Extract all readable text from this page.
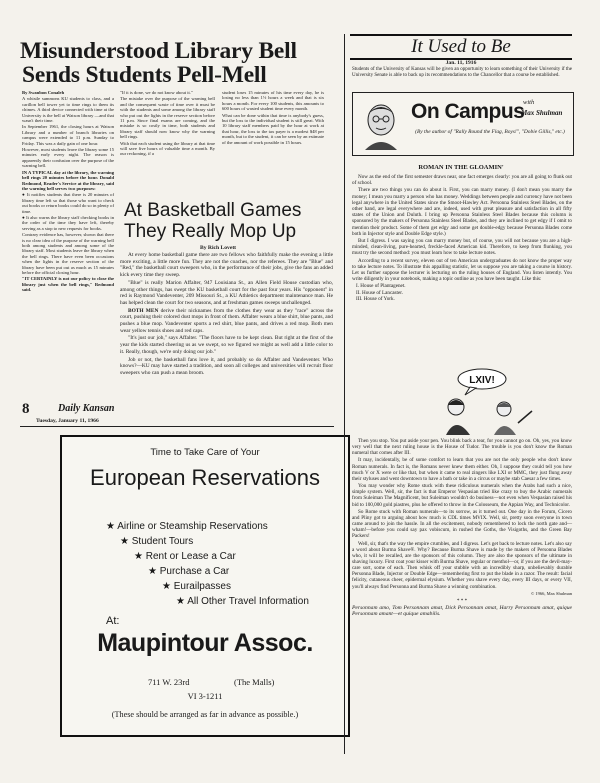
Misunderstood Library Bell
Sends Students Pell-Mell

By Swanbon Conaleh

A whistle summons KU students to class, and a carillon bell tower yet to time rings to them its chimes. A third device connected with time at the University is the bell at Watson library —and that wasn't their time.

In September 1961, the closing hours at Watson Library and a number of branch libraries on campus were extended to 11 p.m. Sunday to Friday. This was a daily gain of one hour.

However, most students leave the library some 15 minutes early every night. The reason is apparently their confusion over the purpose of the warning bell.

IN A TYPICAL day at the library, the warning bell rings 20 minutes before the hour. Donald Redmond, Reader's Service at the library, said the warning bell serves two purposes:

● It notifies students that there is 20 minutes of library time left so that those who want to check out books or return books could do so in plenty of time.

● It also warns the library staff checking books in the order of the time they have left, thereby serving as a stop to new requests for books.

Contrary evidence has, however, shown that there is no clear idea of the purpose of the warning bell both among students and among some of the library staff. Most students leave the library when the bell rings. There have even been occasions when the lights in the reserve section of the library have been put out as much as 15 minutes before the official closing hour.

"IT CERTAINLY is not our policy to close the library just when the bell rings," Redmond said.

"If it is done, we do not know about it."

The mistake over the purpose of the warning bell and the consequent waste of time over it must be with the students and some among the library staff who put out the lights in the reserve section before 11 p.m. Since final exams are coming, and the mistake is so costly in time, both students and library staff should now know why the warning bell rings.

With that each student using the library at that time will save five hours of valuable time a month. By our reckoning, if a

student loses 15 minutes of his time every day, he is losing no less than 1½ hours a week and that is six hours a month. For every 100 students, this amounts to 600 hours of wasted student time every month.

What can be done within that time is anybody's guess, but the loss to the individual student is still great. With 10 library staff members paid by the hour at work at that hour, the loss to the tax payer is a modest $48 per month, but to the student, it can be seen by an estimate of the amount of work possible in 15 hours.

At Basketball Games
They Really Mop Up
By Rich Lovett

At every home basketball game there are two fellows who faithfully make the evening a little more exciting, a little more fun. They are not the coaches, nor the referees. They are "Blue" and "Red," the basketball court sweepers who, in the performance of their jobs, give the fans an added kick every time they sweep.

"Blue" is really Marion Affalter, 947 Louisiana St., an Allen Field House custodian who, among other things, has swept the KU basketball court for the past four years. His "opponent" in red is Raymond Vandeventer, 209 Missouri St., a KU Athletics department maintenance man. He has helped clean the court for two seasons, and at freshman games sweeps unchallenged.

BOTH MEN derive their nicknames from the clothes they wear as they "race" across the court, pushing their colored dust mops in front of them. Affalter wears a blue shirt, blue pants, and pushes a blue mop. Vandeventer sports a red shirt, blue pants, and drives a red mop. Both men wear yellow tennis shoes and red caps.

"It's just our job," says Affalter. "The floors have to be kept clean. But right at the first of the year the kids started cheering us as we swept, so we figured we might as well add a little color to it. Really, though, we're only doing our job."

Job or not, the basketball fans love it, and probably so do Affalter and Vandeventer. Who knows?—KU may have started a tradition, and soon all colleges and universities will recruit floor sweepers who can push a mean broom.

8	Daily Kansan
Tuesday, January 11, 1966
Time to Take Care of Your
European Reservations
★ Airline or Steamship Reservations
★ Student Tours
★ Rent or Lease a Car
★ Purchase a Car
★ Eurailpasses
★ All Other Travel Information
At:
Maupintour Assoc.
711 W. 23rd	(The Malls)
VI 3-1211
(These should be arranged as far in advance as possible.)
It Used to Be
Jan. 11, 1916
Students of the University of Kansas will be given an opportunity to learn something of their University if the University Senate is able to back up its recommendations to the Chancellor that a course be established.
On Campus
with
Max Shulman
(By the author of "Rally Round the Flag, Boys!", "Dobie Gillis," etc.)
ROMAN IN THE GLOAMIN'

Now as the end of the first semester draws near, one fact emerges clearly: you are all going to flunk out of school.

There are two things you can do about it. First, you can marry money. (I don't mean you marry the money; I mean you marry a person who has money. Weddings between people and currency have not been legal anywhere in the United States since the Smoot-Hawley Act. Personna Stainless Steel Blades, on the other hand, are legal everywhere and are, indeed, used with great pleasure and satisfaction in all fifty states of the Union and Duluth. I bring up Personna Stainless Steel Blades because this column is sponsored by the makers of Personna Stainless Steel Blades, and they are inclined to get edgy if I omit to mention their product. Some of them get edgy and some get double-edgy because Personna Blades come both in Injector style and Double Edge style.)

But I digress. I was saying you can marry money but, of course, you will not because you are a high-minded, clean-living, pure-hearted, freckle-faced American kid. Therefore, to keep from flunking, you must try the second method: you must learn how to take lecture notes.

According to a recent survey, eleven out of ten American undergraduates do not know the proper way to take lecture notes. To illustrate this appalling statistic, let us suppose you are taking a course in history. Let us further suppose the lecturer is lecturing on the ruling houses of England. You listen intently. You write diligently in your notebook, making a topic outline as you have been taught. Like this:

I. House of Plantagenet.
II. House of Lancaster.
III. House of York.
LXIV!

Then you stop. You put aside your pen. You blink back a tear, for you cannot go on. Oh, yes, you know very well that the next ruling house is the House of Tudor. The trouble is you don't know the Roman numeral that comes after III.

It may, incidentally, be of some comfort to learn that you are not the only people who don't know Roman numerals. In fact is, the Romans never knew them either. Oh, I suppose they could tell you how much V or X were or like that, but when it came to real zingers like LXI or MMC, they just flung away their styluses and went downtown to have a bath or take in a circus or maybe stab Caesar a few times.

You may wonder why Rome stuck with these ridiculous numerals when the Arabs had such a nice, simple system. Well, sir, the fact is that Emperor Vespasian tried like crazy to buy the Arabic numerals from Suleiman The Magnificent, but Suleiman wouldn't do business—not even when Vespasian raised his bid to 100,000 gold piastres, plus he offered to throw in the Colosseum, the Appian Way, and Technicolor.

So Rome stuck with Roman numerals—to its sorrow, as it turned out. One day in the Forum, Cicero and Pliny got to arguing about how much is CDL times MVIX. Well, sir, pretty soon everyone in town came around to join the hassle. In all the excitement, nobody remembered to lock the north gate and—wham!—before you could say pax vobiscum, in rushed the Goths, the Visigoths, and the Green Bay Packers!

Well, sir, that's the way the empire crumbles, and I digress. Let's get back to lecture notes. Let's also say a word about Burma Shave®. Why? Because Burma Shave is made by the makers of Personna Blades who, it will be recalled, are the sponsors of this column. They are also the sponsors of the ultimate in shaving luxury. First coat your kisser with Burma Shave, regular or menthol—or, if you are the devil-may-care sort, some of each. Then whisk off your stubble with an incredibly sharp, unbelievably durable Personna Blade, Injector or Double Edge—remembering first to put the blade in a razor. The result: facial felicity, cutaneous cheer, epidermal elysium. Whether you shave every day, every III days, or every VII, you'll always find Personna and Burma Shave a winning combination.

© 1966, Max Shulman

* * *

Personnam amo, Tom Personnam amat, Dick Personnam amat, Harry Personnam amat, quique Personnam amant—et quique amabilis.
